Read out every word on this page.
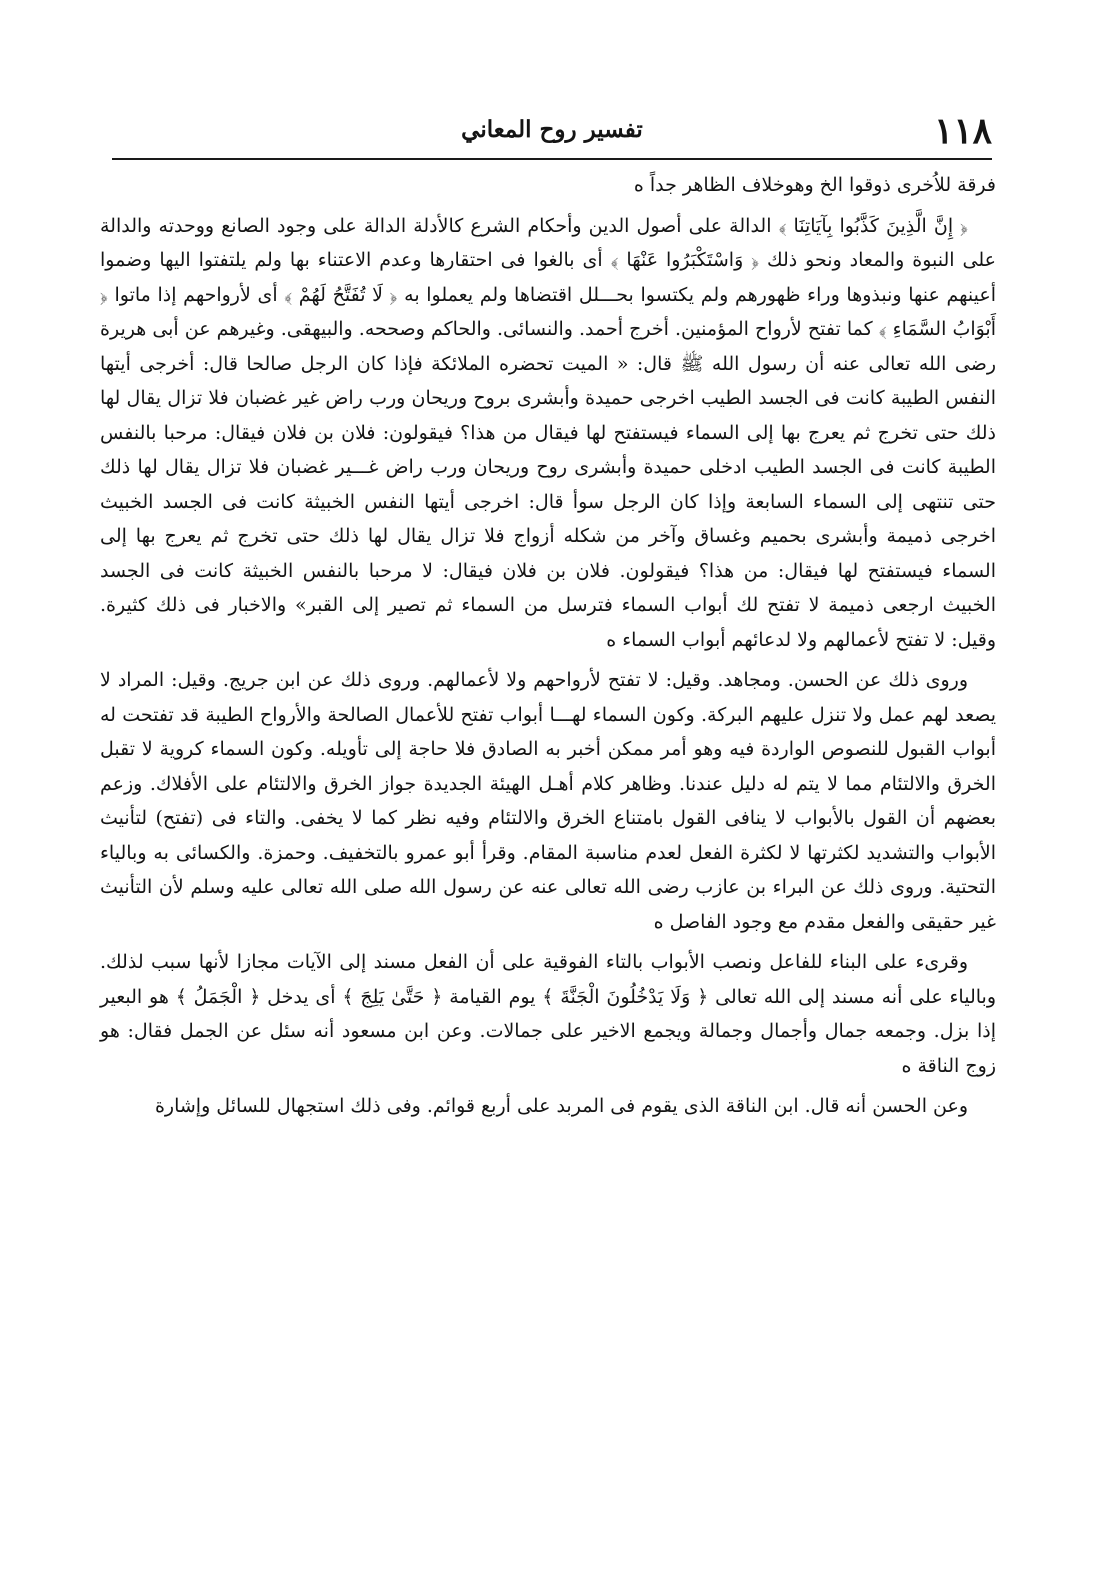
١١٨
تفسير روح المعاني

فرقة للاُخرى ذوقوا الخ وهوخلاف الظاهر جداً ه

﴿ إِنَّ الَّذِينَ كَذَّبُوا بِآيَاتِنَا ﴾ الدالة على أصول الدين وأحكام الشرع كالأدلة الدالة على وجود الصانع ووحدته والدالة على النبوة والمعاد ونحو ذلك ﴿ وَاسْتَكْبَرُوا عَنْهَا ﴾ أى بالغوا فى احتقارها وعدم الاعتناء بها ولم يلتفتوا اليها وضموا أعينهم عنها ونبذوها وراء ظهورهم ولم يكتسوا بحـــلل اقتضاها ولم يعملوا به ﴿ لَا تُفَتَّحُ لَهُمْ ﴾ أى لأرواحهم إذا ماتوا ﴿ أَبْوَابُ السَّمَاءِ ﴾ كما تفتح لأرواح المؤمنين. أخرج أحمد. والنسائى. والحاكم وصححه. والبيهقى. وغيرهم عن أبى هريرة رضى الله تعالى عنه أن رسول الله ﷺ قال: « الميت تحضره الملائكة فإذا كان الرجل صالحا قال: أخرجى أيتها النفس الطيبة كانت فى الجسد الطيب اخرجى حميدة وأبشرى بروح وريحان ورب راض غير غضبان فلا تزال يقال لها ذلك حتى تخرج ثم يعرج بها إلى السماء فيستفتح لها فيقال من هذا؟ فيقولون: فلان بن فلان فيقال: مرحبا بالنفس الطيبة كانت فى الجسد الطيب ادخلى حميدة وأبشرى روح وريحان ورب راض غـــير غضبان فلا تزال يقال لها ذلك حتى تنتهى إلى السماء السابعة وإذا كان الرجل سوأ قال: اخرجى أيتها النفس الخبيثة كانت فى الجسد الخبيث اخرجى ذميمة وأبشرى بحميم وغساق وآخر من شكله أزواج فلا تزال يقال لها ذلك حتى تخرج ثم يعرج بها إلى السماء فيستفتح لها فيقال: من هذا؟ فيقولون. فلان بن فلان فيقال: لا مرحبا بالنفس الخبيثة كانت فى الجسد الخبيث ارجعى ذميمة لا تفتح لك أبواب السماء فترسل من السماء ثم تصير إلى القبر» والاخبار فى ذلك كثيرة. وقيل: لا تفتح لأعمالهم ولا لدعائهم أبواب السماء ه

وروى ذلك عن الحسن. ومجاهد. وقيل: لا تفتح لأرواحهم ولا لأعمالهم. وروى ذلك عن ابن جريج. وقيل: المراد لا يصعد لهم عمل ولا تنزل عليهم البركة. وكون السماء لهـــا أبواب تفتح للأعمال الصالحة والأرواح الطيبة قد تفتحت له أبواب القبول للنصوص الواردة فيه وهو أمر ممكن أخبر به الصادق فلا حاجة إلى تأويله. وكون السماء كروية لا تقبل الخرق والالتئام مما لا يتم له دليل عندنا. وظاهر كلام أهـل الهيئة الجديدة جواز الخرق والالتئام على الأفلاك. وزعم بعضهم أن القول بالأبواب لا ينافى القول بامتناع الخرق والالتئام وفيه نظر كما لا يخفى. والتاء فى (تفتح) لتأنيث الأبواب والتشديد لكثرتها لا لكثرة الفعل لعدم مناسبة المقام. وقرأ أبو عمرو بالتخفيف. وحمزة. والكسائى به وبالياء التحتية. وروى ذلك عن البراء بن عازب رضى الله تعالى عنه عن رسول الله صلى الله تعالى عليه وسلم لأن التأنيث غير حقيقى والفعل مقدم مع وجود الفاصل ه

وقرىء على البناء للفاعل ونصب الأبواب بالتاء الفوقية على أن الفعل مسند إلى الآيات مجازا لأنها سبب لذلك. وبالياء على أنه مسند إلى الله تعالى ﴿ وَلَا يَدْخُلُونَ الْجَنَّةَ ﴾ يوم القيامة ﴿ حَتَّىٰ يَلِجَ ﴾ أى يدخل ﴿ الْجَمَلُ ﴾ هو البعير إذا بزل. وجمعه جمال وأجمال وجمالة ويجمع الاخير على جمالات. وعن ابن مسعود أنه سئل عن الجمل فقال: هو زوج الناقة ه

وعن الحسن أنه قال. ابن الناقة الذى يقوم فى المربد على أربع قوائم. وفى ذلك استجهال للسائل وإشارة
